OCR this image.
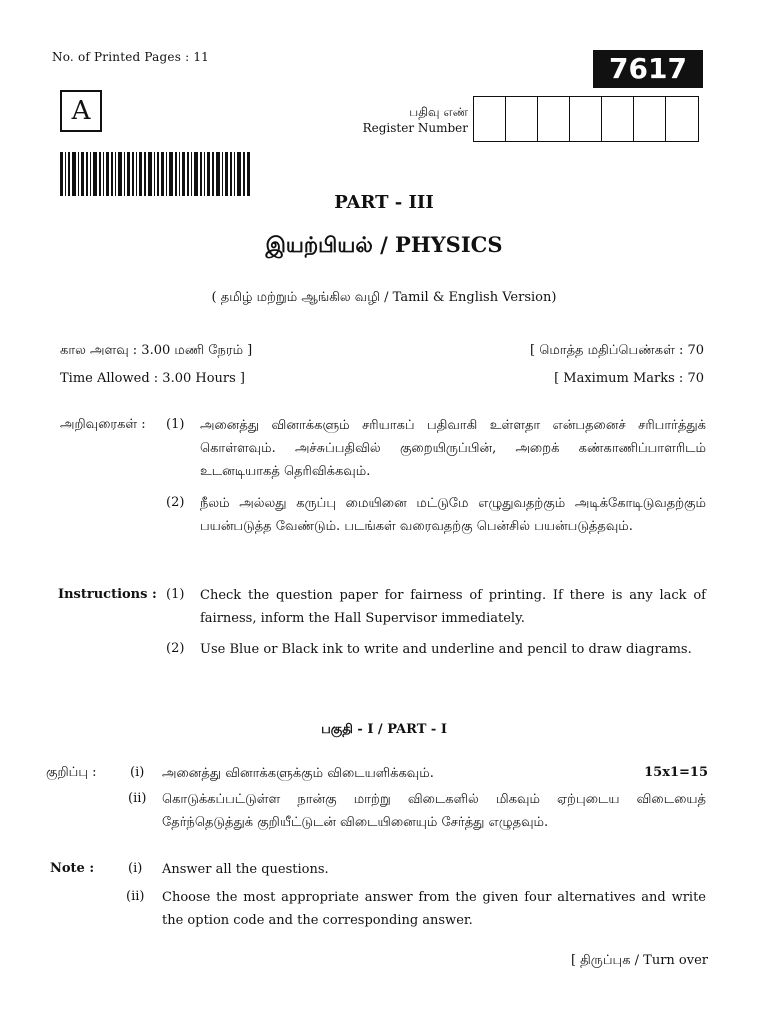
No. of Printed Pages : 11	7617
A	பதிவு எண்
Register Number
PART - III
இயற்பியல் / PHYSICS
( தமிழ் மற்றும் ஆங்கில வழி / Tamil & English Version)
கால அளவு : 3.00 மணி நேரம் ]	[ மொத்த மதிப்பெண்கள் : 70
Time Allowed : 3.00 Hours ]	[ Maximum Marks : 70
அறிவுரைகள் : (1) அனைத்து வினாக்களும் சரியாகப் பதிவாகி உள்ளதா என்பதனைச் சரிபார்த்துக் கொள்ளவும். அச்சுப்பதிவில் குறையிருப்பின், அறைக் கண்காணிப்பாளரிடம் உடனடியாகத் தெரிவிக்கவும்.
(2) நீலம் அல்லது கருப்பு மையினை மட்டுமே எழுதுவதற்கும் அடிக்கோடிடுவதற்கும் பயன்படுத்த வேண்டும். படங்கள் வரைவதற்கு பென்சில் பயன்படுத்தவும்.
Instructions : (1) Check the question paper for fairness of printing. If there is any lack of fairness, inform the Hall Supervisor immediately.
(2) Use Blue or Black ink to write and underline and pencil to draw diagrams.
பகுதி - I / PART - I
குறிப்பு :	(i) அனைத்து வினாக்களுக்கும் விடையளிக்கவும்.	15x1=15
(ii) கொடுக்கப்பட்டுள்ள நான்கு மாற்று விடைகளில் மிகவும் ஏற்புடைய விடையைத் தேர்ந்தெடுத்துக் குறியீட்டுடன் விடையினையும் சேர்த்து எழுதவும்.
Note :	(i) Answer all the questions.
(ii) Choose the most appropriate answer from the given four alternatives and write the option code and the corresponding answer.
[ திருப்புக / Turn over
